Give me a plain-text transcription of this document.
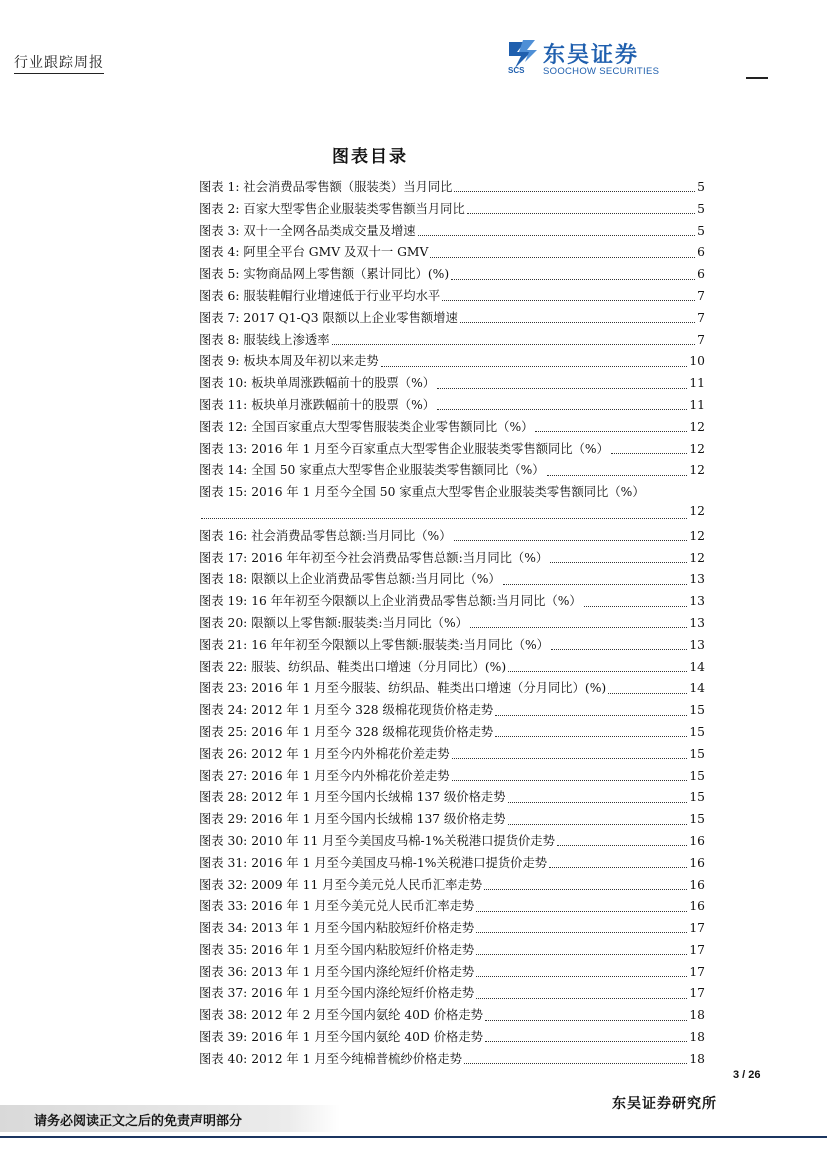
行业跟踪周报	SCS
东吴证券
SOOCHOW SECURITIES
图表目录
图表 1:
社会消费品零售额（服装类）当月同比	5
图表 2:
百家大型零售企业服装类零售额当月同比	5
图表 3:
双十一全网各品类成交量及增速	5
图表 4:
阿里全平台 GMV 及双十一 GMV	6
图表 5:
实物商品网上零售额（累计同比）(%)	6
图表 6:
服装鞋帽行业增速低于行业平均水平	7
图表 7:
2017 Q1-Q3 限额以上企业零售额增速	7
图表 8:
服装线上渗透率	7
图表 9:
板块本周及年初以来走势	10
图表 10:
板块单周涨跌幅前十的股票（%）	11
图表 11:
板块单月涨跌幅前十的股票（%）	11
图表 12:
全国百家重点大型零售服装类企业零售额同比（%）	12
图表 13:
2016 年 1 月至今百家重点大型零售企业服装类零售额同比（%）	12
图表 14:
全国 50 家重点大型零售企业服装类零售额同比（%）	12
图表 15:
2016 年 1 月至今全国 50 家重点大型零售企业服装类零售额同比（%）
12
图表 16:
社会消费品零售总额:当月同比（%）	12
图表 17:
2016 年年初至今社会消费品零售总额:当月同比（%）	12
图表 18:
限额以上企业消费品零售总额:当月同比（%）	13
图表 19:
16 年年初至今限额以上企业消费品零售总额:当月同比（%）	13
图表 20:
限额以上零售额:服装类:当月同比（%）	13
图表 21:
16 年年初至今限额以上零售额:服装类:当月同比（%）	13
图表 22:
服装、纺织品、鞋类出口增速（分月同比）(%)	14
图表 23:
2016 年 1 月至今服装、纺织品、鞋类出口增速（分月同比）(%)	14
图表 24:
2012 年 1 月至今 328 级棉花现货价格走势	15
图表 25:
2016 年 1 月至今 328 级棉花现货价格走势	15
图表 26:
2012 年 1 月至今内外棉花价差走势	15
图表 27:
2016 年 1 月至今内外棉花价差走势	15
图表 28:
2012 年 1 月至今国内长绒棉 137 级价格走势	15
图表 29:
2016 年 1 月至今国内长绒棉 137 级价格走势	15
图表 30:
2010 年 11 月至今美国皮马棉-1%关税港口提货价走势	16
图表 31:
2016 年 1 月至今美国皮马棉-1%关税港口提货价走势	16
图表 32:
2009 年 11 月至今美元兑人民币汇率走势	16
图表 33:
2016 年 1 月至今美元兑人民币汇率走势	16
图表 34:
2013 年 1 月至今国内粘胶短纤价格走势	17
图表 35:
2016 年 1 月至今国内粘胶短纤价格走势	17
图表 36:
2013 年 1 月至今国内涤纶短纤价格走势	17
图表 37:
2016 年 1 月至今国内涤纶短纤价格走势	17
图表 38:
2012 年 2 月至今国内氨纶 40D 价格走势	18
图表 39:
2016 年 1 月至今国内氨纶 40D 价格走势	18
图表 40:
2012 年 1 月至今纯棉普梳纱价格走势	18
3 / 26
东吴证券研究所
请务必阅读正文之后的免责声明部分
